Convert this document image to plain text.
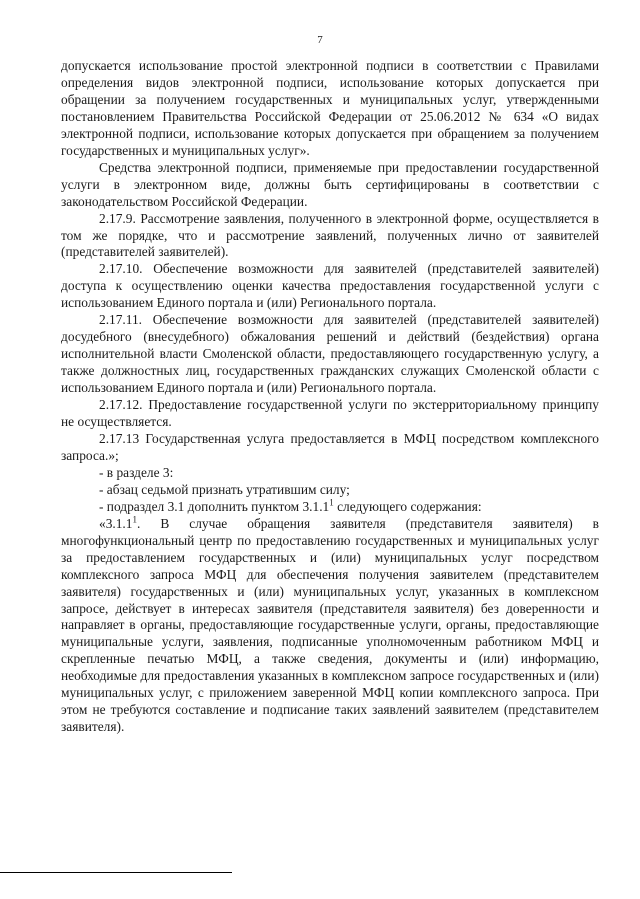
7

допускается использование простой электронной подписи в соответствии с Правилами определения видов электронной подписи, использование которых допускается при обращении за получением государственных и муниципальных услуг, утвержденными постановлением Правительства Российской Федерации от 25.06.2012 № 634 «О видах электронной подписи, использование которых допускается при обращением за получением государственных и муниципальных услуг».

Средства электронной подписи, применяемые при предоставлении государственной услуги в электронном виде, должны быть сертифицированы в соответствии с законодательством Российской Федерации.

2.17.9. Рассмотрение заявления, полученного в электронной форме, осуществляется в том же порядке, что и рассмотрение заявлений, полученных лично от заявителей (представителей заявителей).

2.17.10. Обеспечение возможности для заявителей (представителей заявителей) доступа к осуществлению оценки качества предоставления государственной услуги с использованием Единого портала и (или) Регионального портала.

2.17.11. Обеспечение возможности для заявителей (представителей заявителей) досудебного (внесудебного) обжалования решений и действий (бездействия) органа исполнительной власти Смоленской области, предоставляющего государственную услугу, а также должностных лиц, государственных гражданских служащих Смоленской области с использованием Единого портала и (или) Регионального портала.

2.17.12. Предоставление государственной услуги по экстерриториальному принципу не осуществляется.

2.17.13 Государственная услуга предоставляется в МФЦ посредством комплексного запроса.»;

- в разделе 3:

- абзац седьмой признать утратившим силу;

- подраздел 3.1 дополнить пунктом 3.1.1$^1$ следующего содержания:

«3.1.1$^1$. В случае обращения заявителя (представителя заявителя) в многофункциональный центр по предоставлению государственных и муниципальных услуг за предоставлением государственных и (или) муниципальных услуг посредством комплексного запроса МФЦ для обеспечения получения заявителем (представителем заявителя) государственных и (или) муниципальных услуг, указанных в комплексном запросе, действует в интересах заявителя (представителя заявителя) без доверенности и направляет в органы, предоставляющие государственные услуги, органы, предоставляющие муниципальные услуги, заявления, подписанные уполномоченным работником МФЦ и скрепленные печатью МФЦ, а также сведения, документы и (или) информацию, необходимые для предоставления указанных в комплексном запросе государственных и (или) муниципальных услуг, с приложением заверенной МФЦ копии комплексного запроса. При этом не требуются составление и подписание таких заявлений заявителем (представителем заявителя).
